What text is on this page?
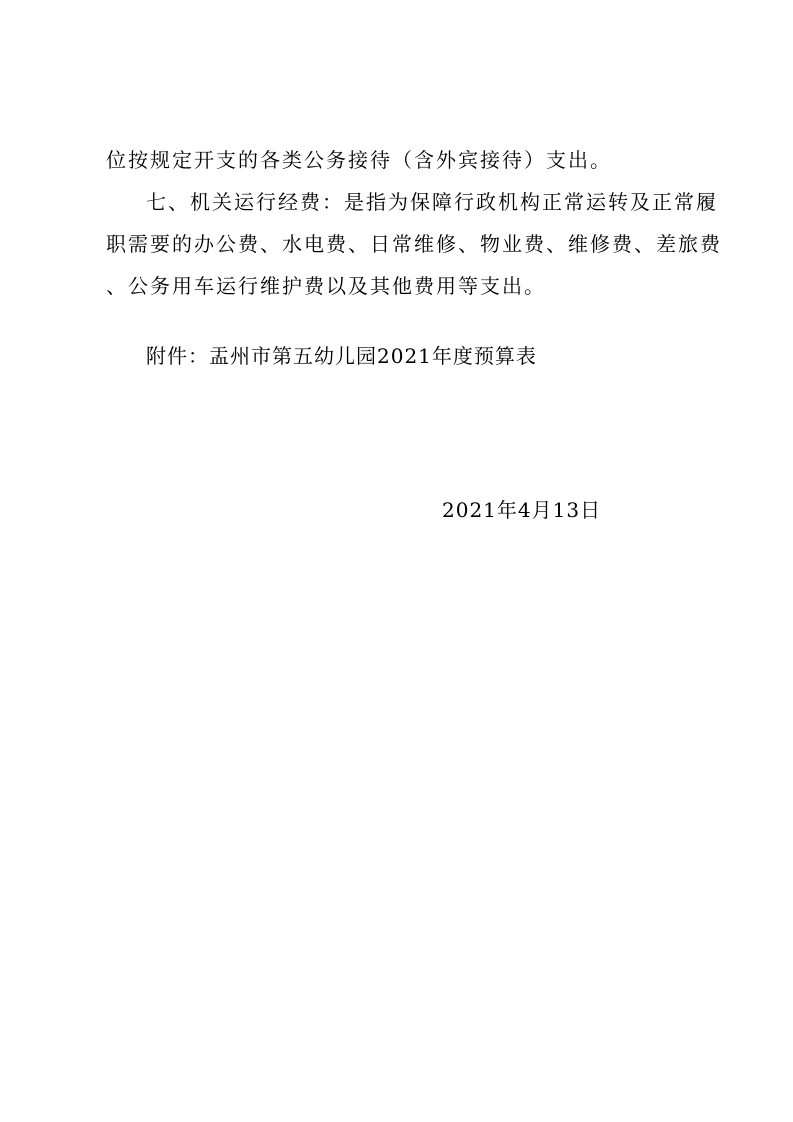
位按规定开支的各类公务接待（含外宾接待）支出。
七、机关运行经费：是指为保障行政机构正常运转及正常履
职需要的办公费、水电费、日常维修、物业费、维修费、差旅费
、公务用车运行维护费以及其他费用等支出。
附件：盂州市第五幼儿园2021年度预算表
2021年4月13日
